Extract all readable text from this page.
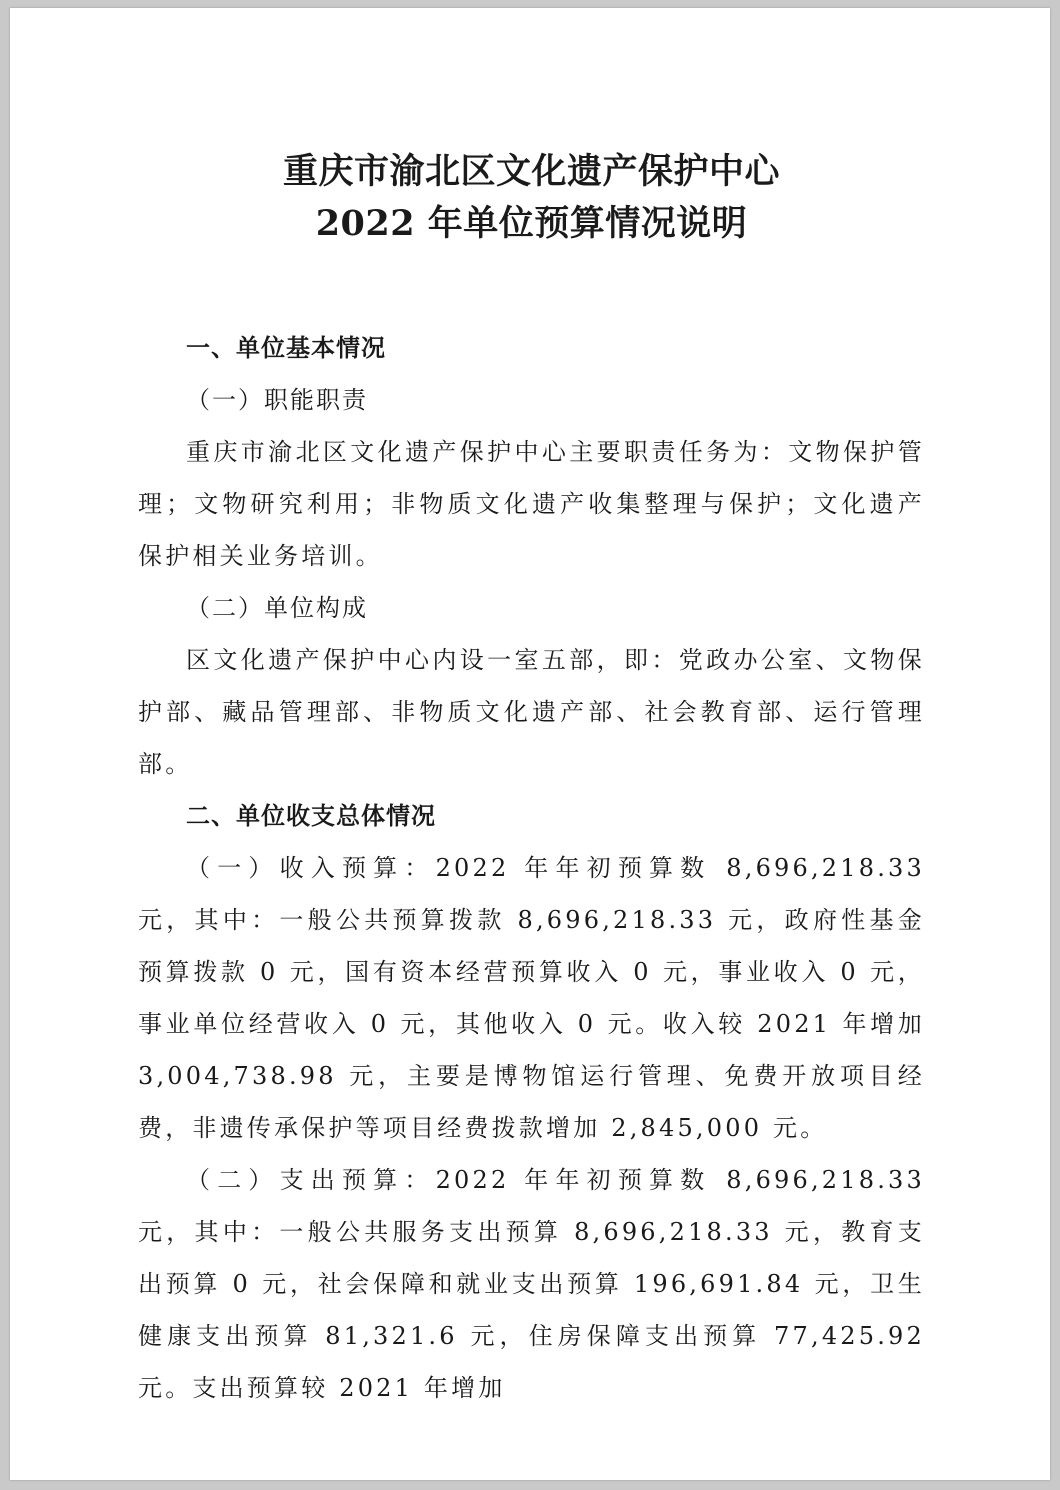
重庆市渝北区文化遗产保护中心
2022 年单位预算情况说明

一、单位基本情况

（一）职能职责

重庆市渝北区文化遗产保护中心主要职责任务为：文物保护管理；文物研究利用；非物质文化遗产收集整理与保护；文化遗产保护相关业务培训。

（二）单位构成

区文化遗产保护中心内设一室五部，即：党政办公室、文物保护部、藏品管理部、非物质文化遗产部、社会教育部、运行管理部。

二、单位收支总体情况

（一）收入预算：2022 年年初预算数 8,696,218.33 元，其中：一般公共预算拨款 8,696,218.33 元，政府性基金预算拨款 0 元，国有资本经营预算收入 0 元，事业收入 0 元，事业单位经营收入 0 元，其他收入 0 元。收入较 2021 年增加 3,004,738.98 元，主要是博物馆运行管理、免费开放项目经费，非遗传承保护等项目经费拨款增加 2,845,000 元。

（二）支出预算：2022 年年初预算数 8,696,218.33 元，其中：一般公共服务支出预算 8,696,218.33 元，教育支出预算 0 元，社会保障和就业支出预算 196,691.84 元，卫生健康支出预算 81,321.6 元，住房保障支出预算 77,425.92 元。支出预算较 2021 年增加
